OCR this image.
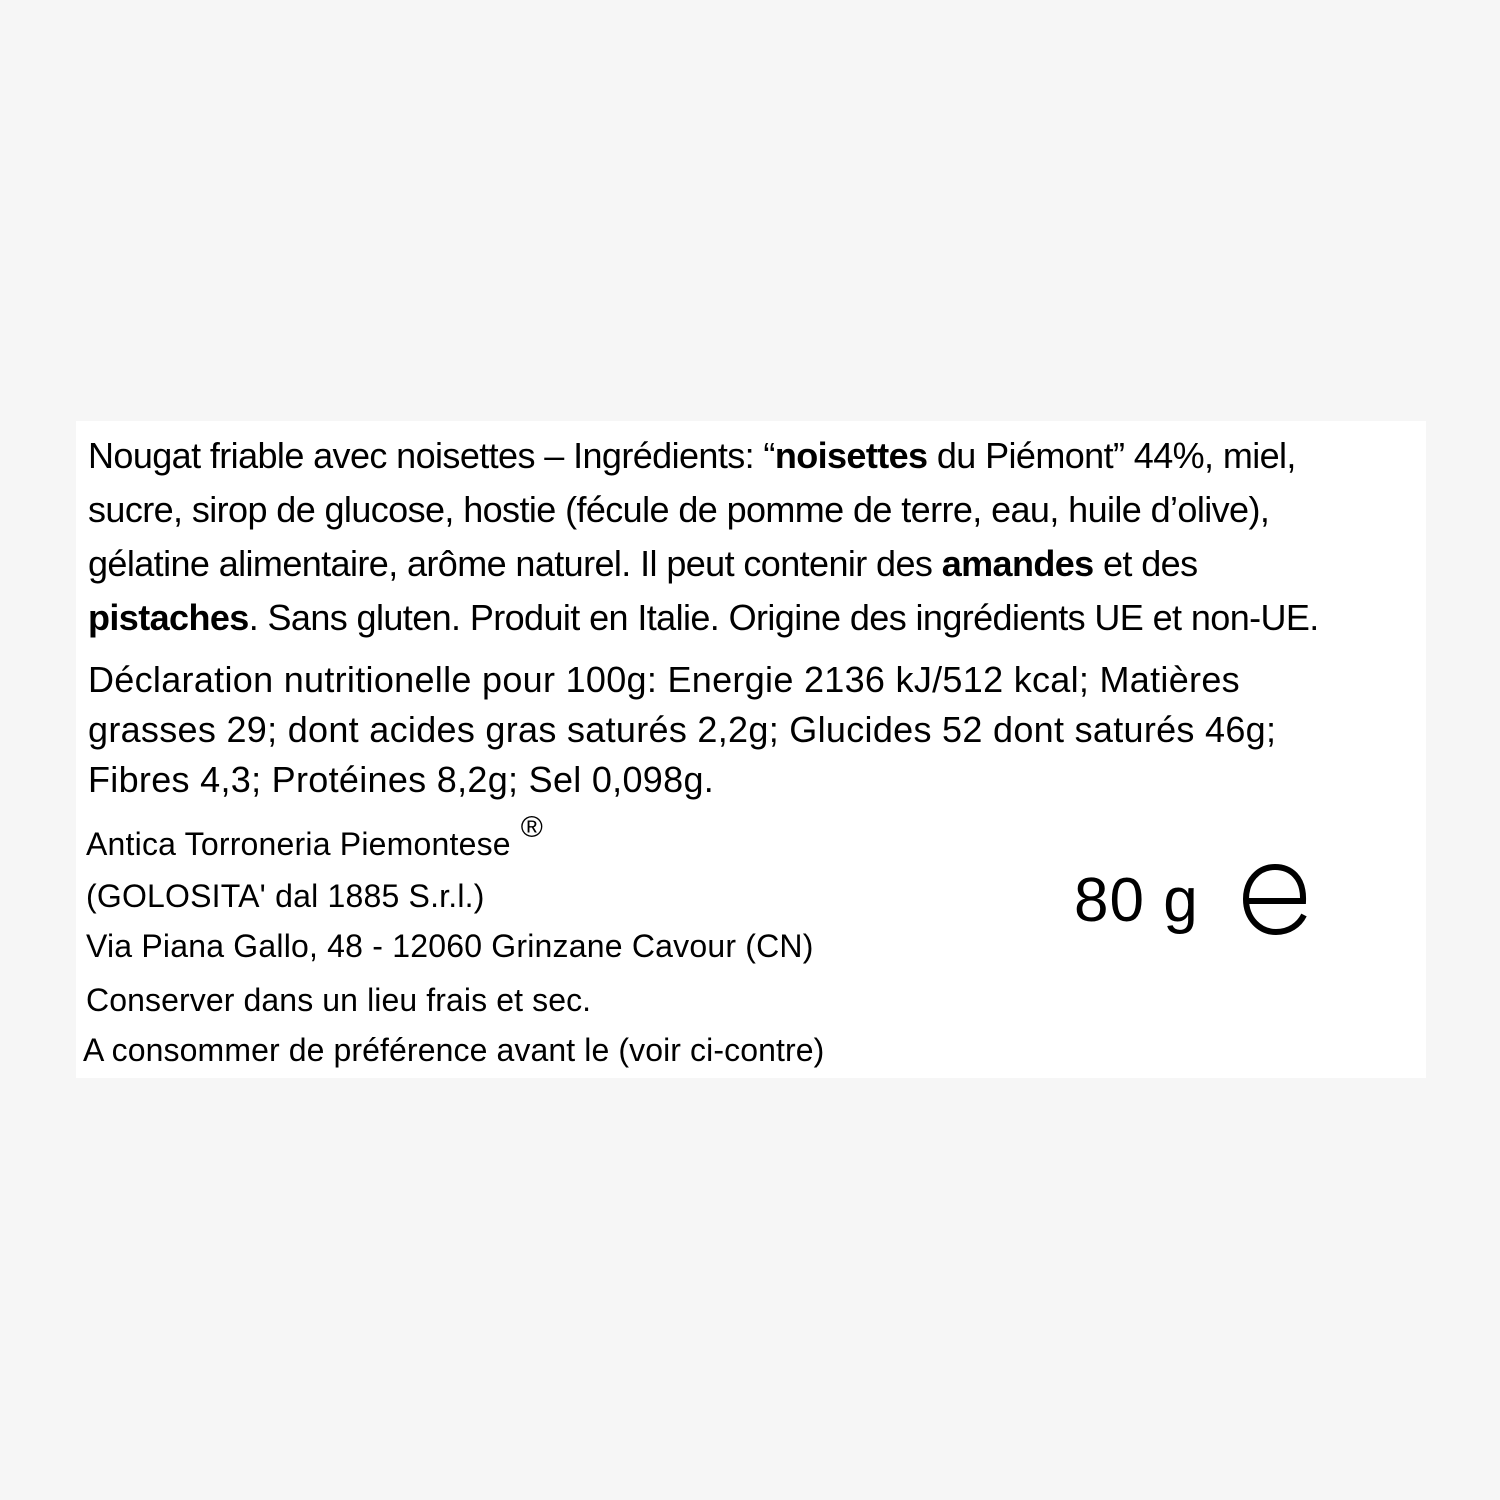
Nougat friable avec noisettes – Ingrédients: “noisettes du Piémont” 44%, miel,
sucre, sirop de glucose, hostie (fécule de pomme de terre, eau, huile d’olive),
gélatine alimentaire, arôme naturel. Il peut contenir des amandes et des
pistaches. Sans gluten. Produit en Italie. Origine des ingrédients UE et non-UE.
Déclaration nutritionelle pour 100g: Energie 2136 kJ/512 kcal; Matières
grasses 29; dont acides gras saturés 2,2g; Glucides 52 dont saturés 46g;
Fibres 4,3; Protéines 8,2g; Sel 0,098g.
Antica Torroneria Piemontese ®
(GOLOSITA' dal 1885 S.r.l.)
Via Piana Gallo, 48 - 12060 Grinzane Cavour (CN)
Conserver dans un lieu frais et sec.
A consommer de préférence avant le (voir ci-contre)
80 g
